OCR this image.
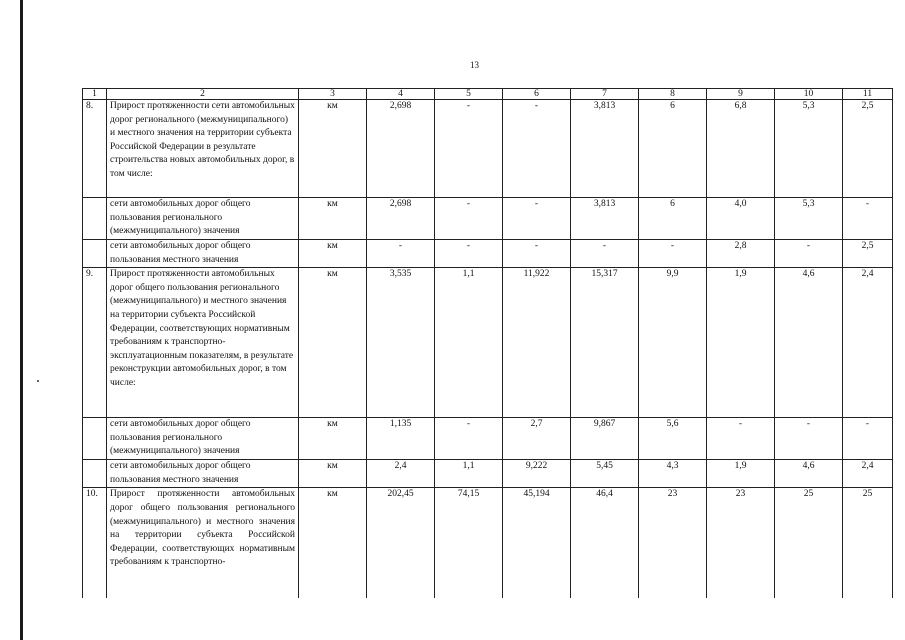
13
1	2	3	4	5	6	7	8	9	10	11
8.	Прирост протяженности сети автомобильных дорог регионального (межмуниципального) и местного значения на территории субъекта Российской Федерации в результате строительства новых автомобильных дорог, в том числе:	км	2,698	-	-	3,813	6	6,8	5,3	2,5
	сети автомобильных дорог общего пользования регионального (межмуниципального) значения	км	2,698	-	-	3,813	6	4,0	5,3	-
	сети автомобильных дорог общего пользования местного значения	км	-	-	-	-	-	2,8	-	2,5
9.	Прирост протяженности автомобильных дорог общего пользования регионального (межмуниципального) и местного значения на территории субъекта Российской Федерации, соответствующих нормативным требованиям к транспортно-эксплуатационным показателям, в результате реконструкции автомобильных дорог, в том числе:	км	3,535	1,1	11,922	15,317	9,9	1,9	4,6	2,4
	сети автомобильных дорог общего пользования регионального (межмуниципального) значения	км	1,135	-	2,7	9,867	5,6	-	-	-
	сети автомобильных дорог общего пользования местного значения	км	2,4	1,1	9,222	5,45	4,3	1,9	4,6	2,4
10.	Прирост протяженности автомобильных дорог общего пользования регионального (межмуниципального) и местного значения на территории субъекта Российской Федерации, соответствующих нормативным требованиям к транспортно-	км	202,45	74,15	45,194	46,4	23	23	25	25
